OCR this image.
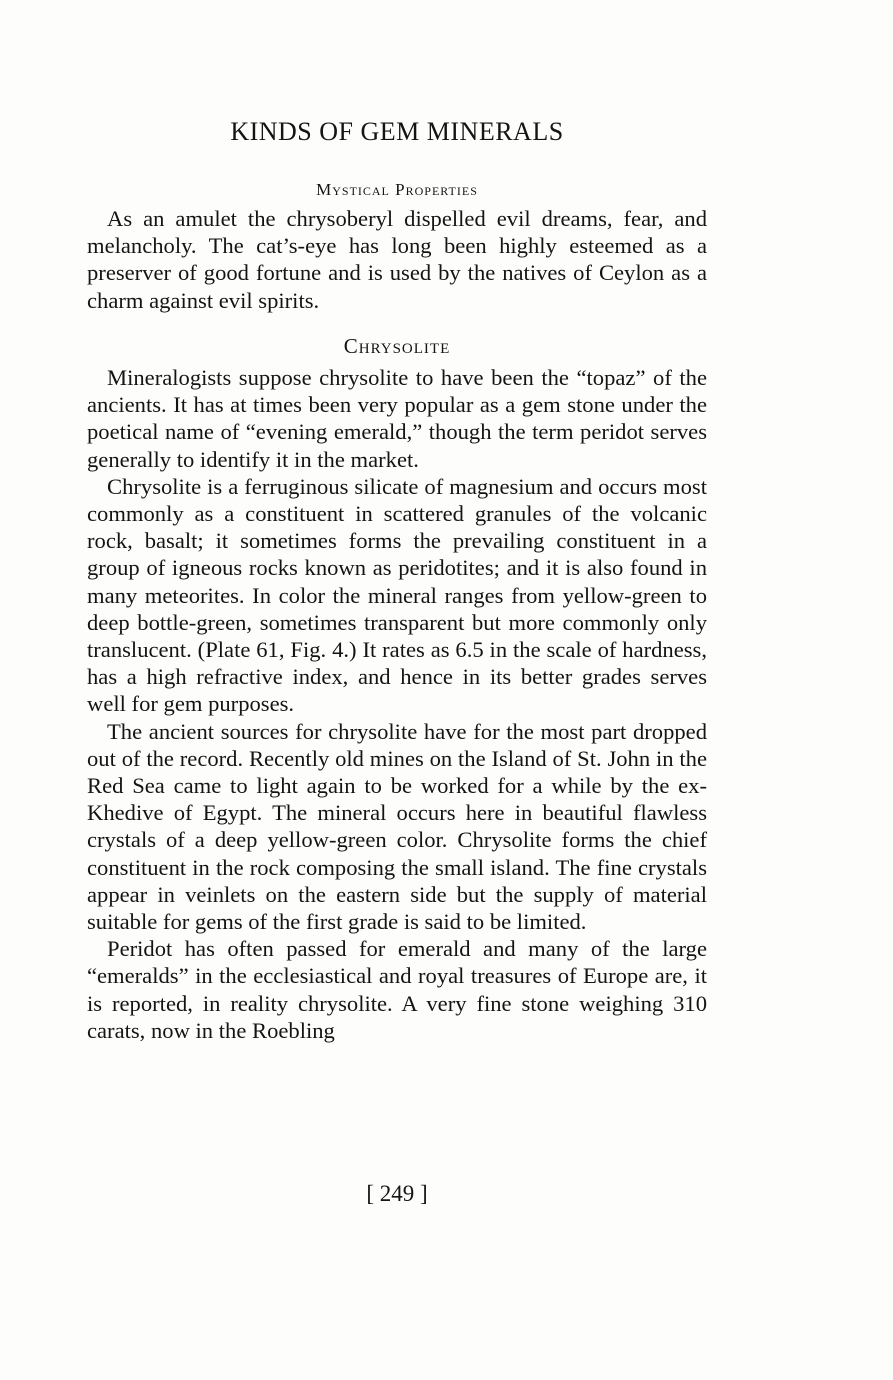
KINDS OF GEM MINERALS
Mystical Properties

As an amulet the chrysoberyl dispelled evil dreams, fear, and melancholy. The cat’s-eye has long been highly esteemed as a preserver of good fortune and is used by the natives of Ceylon as a charm against evil spirits.

Chrysolite

Mineralogists suppose chrysolite to have been the “topaz” of the ancients. It has at times been very popular as a gem stone under the poetical name of “evening emerald,” though the term peridot serves generally to identify it in the market.

Chrysolite is a ferruginous silicate of magnesium and occurs most commonly as a constituent in scattered granules of the volcanic rock, basalt; it sometimes forms the prevailing constituent in a group of igneous rocks known as peridotites; and it is also found in many meteorites. In color the mineral ranges from yellow-green to deep bottle-green, sometimes transparent but more commonly only translucent. (Plate 61, Fig. 4.) It rates as 6.5 in the scale of hardness, has a high refractive index, and hence in its better grades serves well for gem purposes.

The ancient sources for chrysolite have for the most part dropped out of the record. Recently old mines on the Island of St. John in the Red Sea came to light again to be worked for a while by the ex-Khedive of Egypt. The mineral occurs here in beautiful flawless crystals of a deep yellow-green color. Chrysolite forms the chief constituent in the rock composing the small island. The fine crystals appear in veinlets on the eastern side but the supply of material suitable for gems of the first grade is said to be limited.

Peridot has often passed for emerald and many of the large “emeralds” in the ecclesiastical and royal treasures of Europe are, it is reported, in reality chrysolite. A very fine stone weighing 310 carats, now in the Roebling

[ 249 ]
